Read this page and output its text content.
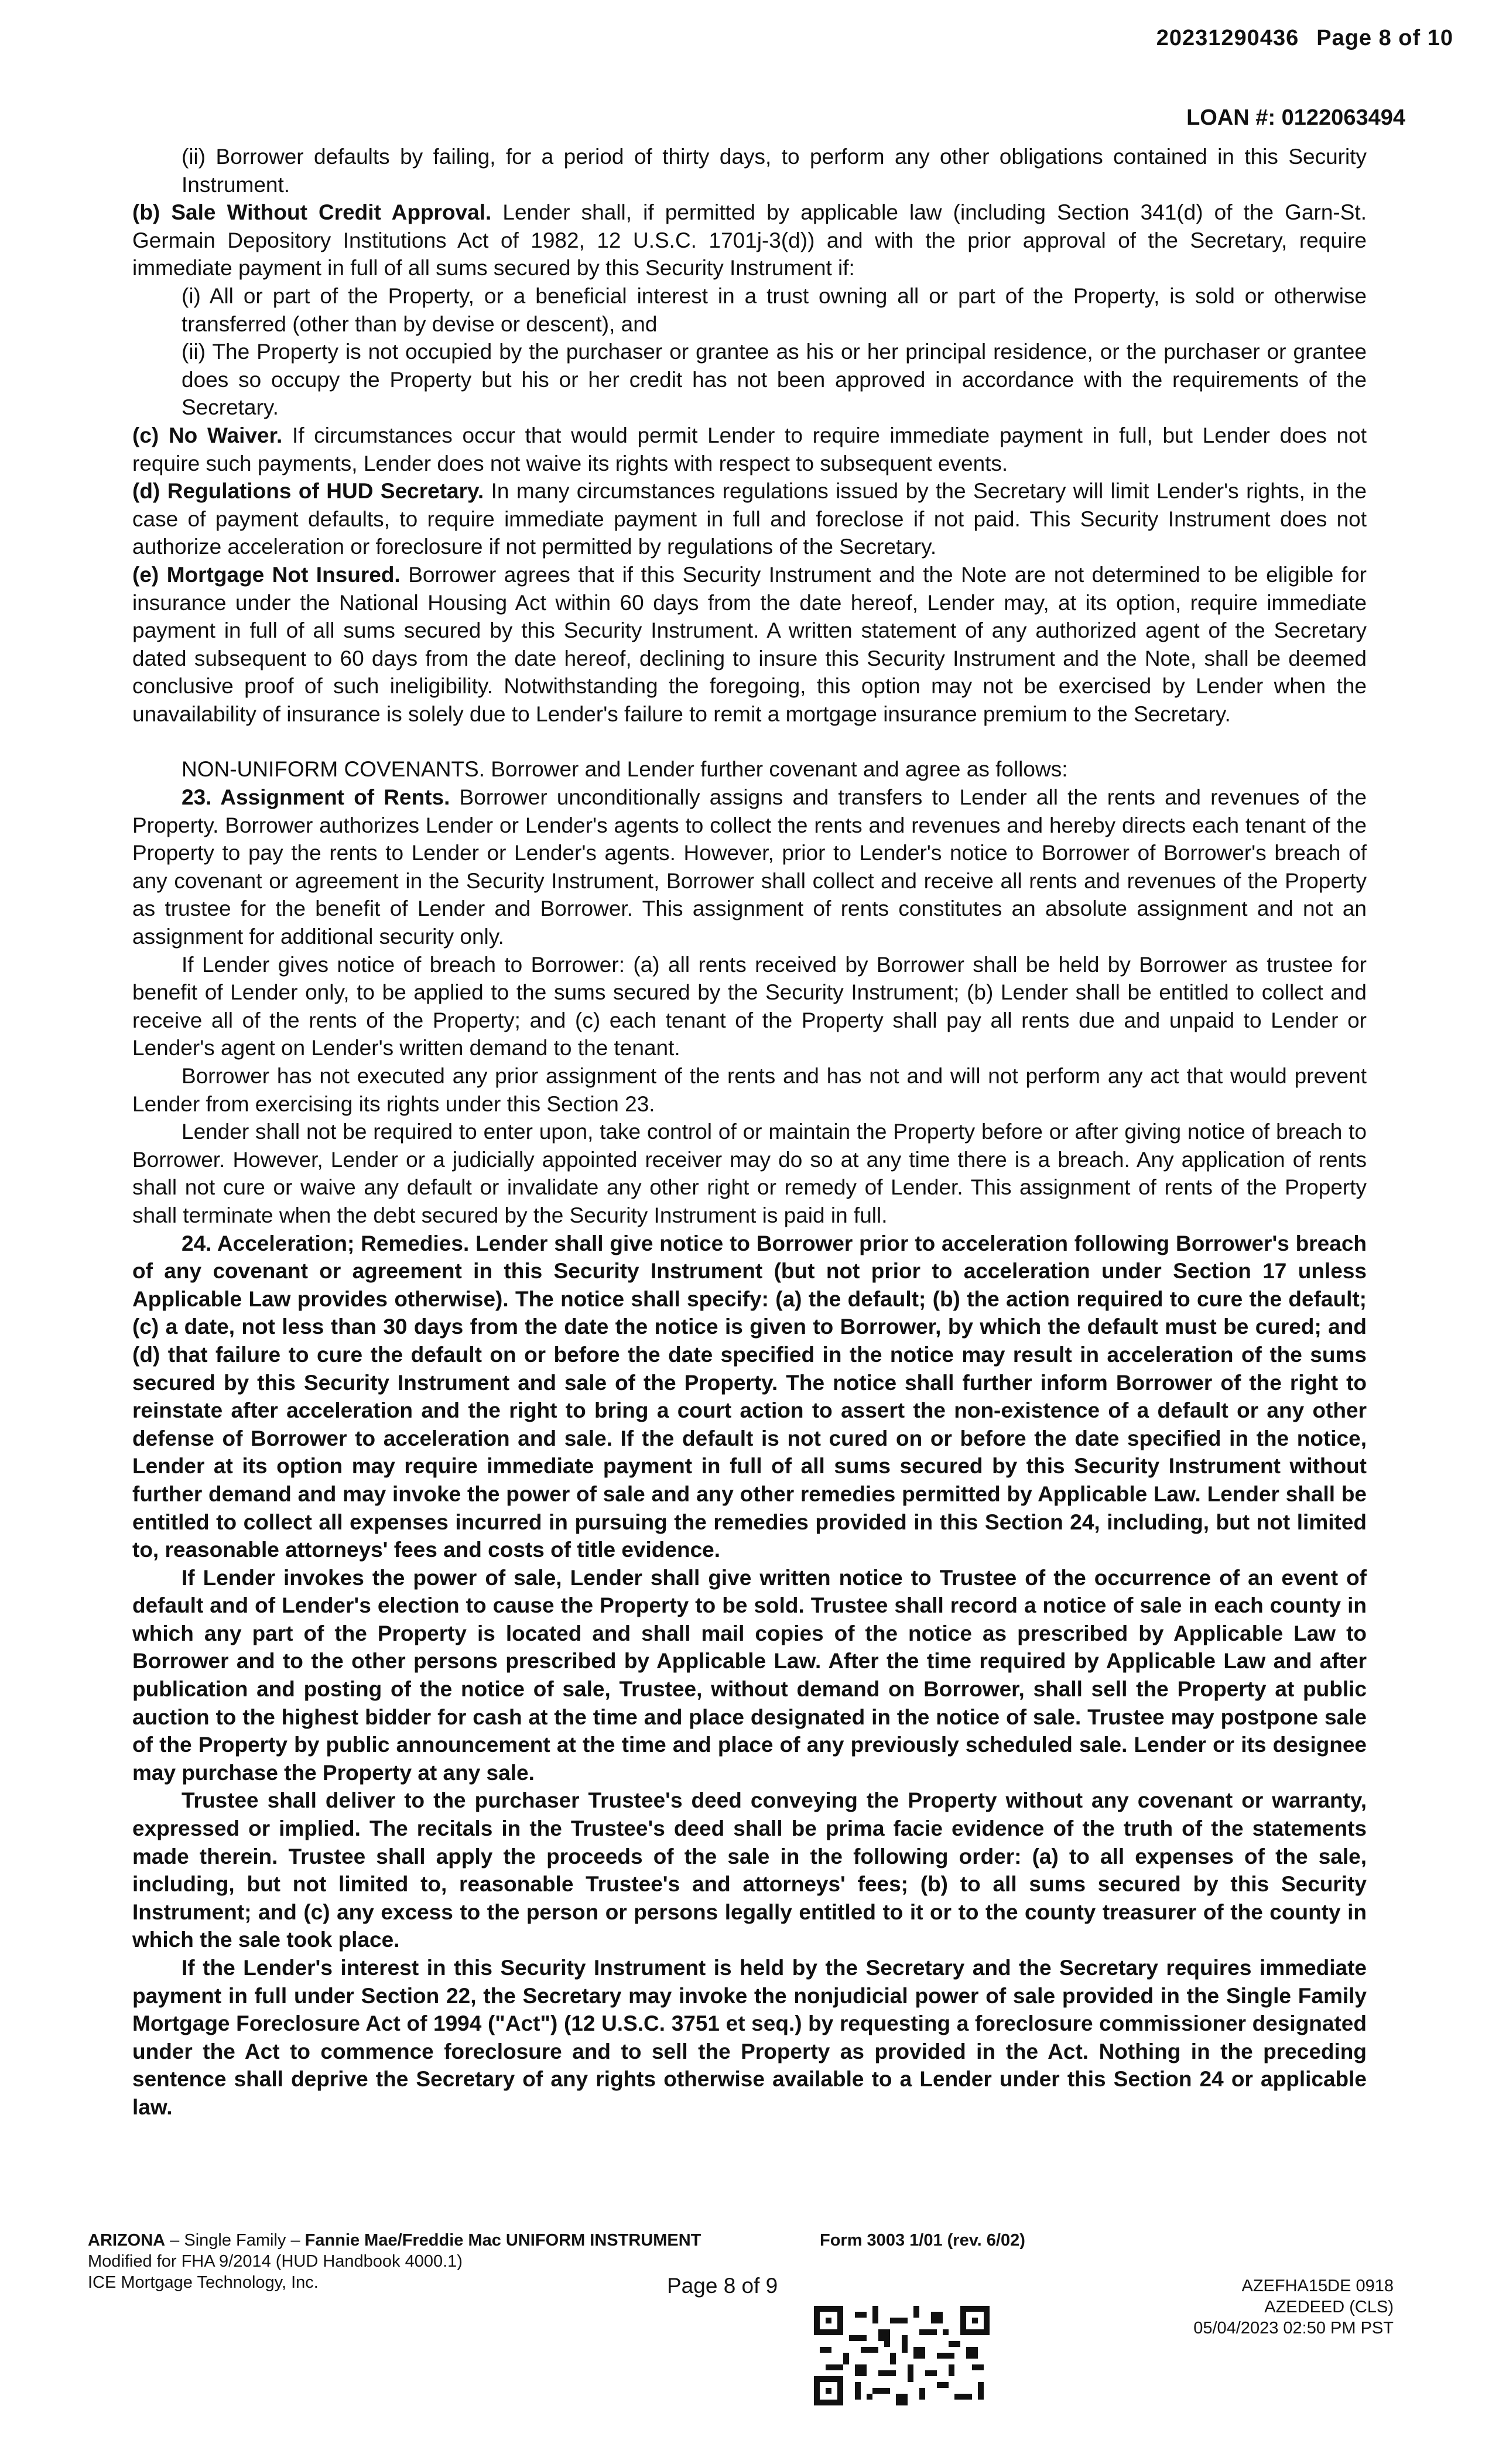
20231290436 Page 8 of 10
LOAN #: 0122063494

(ii) Borrower defaults by failing, for a period of thirty days, to perform any other obligations contained in this Security Instrument.

(b) Sale Without Credit Approval. Lender shall, if permitted by applicable law (including Section 341(d) of the Garn-St. Germain Depository Institutions Act of 1982, 12 U.S.C. 1701j-3(d)) and with the prior approval of the Secretary, require immediate payment in full of all sums secured by this Security Instrument if:

(i) All or part of the Property, or a beneficial interest in a trust owning all or part of the Property, is sold or otherwise transferred (other than by devise or descent), and

(ii) The Property is not occupied by the purchaser or grantee as his or her principal residence, or the purchaser or grantee does so occupy the Property but his or her credit has not been approved in accordance with the requirements of the Secretary.

(c) No Waiver. If circumstances occur that would permit Lender to require immediate payment in full, but Lender does not require such payments, Lender does not waive its rights with respect to subsequent events.

(d) Regulations of HUD Secretary. In many circumstances regulations issued by the Secretary will limit Lender's rights, in the case of payment defaults, to require immediate payment in full and foreclose if not paid. This Security Instrument does not authorize acceleration or foreclosure if not permitted by regulations of the Secretary.

(e) Mortgage Not Insured. Borrower agrees that if this Security Instrument and the Note are not determined to be eligible for insurance under the National Housing Act within 60 days from the date hereof, Lender may, at its option, require immediate payment in full of all sums secured by this Security Instrument. A written statement of any authorized agent of the Secretary dated subsequent to 60 days from the date hereof, declining to insure this Security Instrument and the Note, shall be deemed conclusive proof of such ineligibility. Notwithstanding the foregoing, this option may not be exercised by Lender when the unavailability of insurance is solely due to Lender's failure to remit a mortgage insurance premium to the Secretary.

NON-UNIFORM COVENANTS. Borrower and Lender further covenant and agree as follows:

23. Assignment of Rents. Borrower unconditionally assigns and transfers to Lender all the rents and revenues of the Property. Borrower authorizes Lender or Lender's agents to collect the rents and revenues and hereby directs each tenant of the Property to pay the rents to Lender or Lender's agents. However, prior to Lender's notice to Borrower of Borrower's breach of any covenant or agreement in the Security Instrument, Borrower shall collect and receive all rents and revenues of the Property as trustee for the benefit of Lender and Borrower. This assignment of rents constitutes an absolute assignment and not an assignment for additional security only.

If Lender gives notice of breach to Borrower: (a) all rents received by Borrower shall be held by Borrower as trustee for benefit of Lender only, to be applied to the sums secured by the Security Instrument; (b) Lender shall be entitled to collect and receive all of the rents of the Property; and (c) each tenant of the Property shall pay all rents due and unpaid to Lender or Lender's agent on Lender's written demand to the tenant.

Borrower has not executed any prior assignment of the rents and has not and will not perform any act that would prevent Lender from exercising its rights under this Section 23.

Lender shall not be required to enter upon, take control of or maintain the Property before or after giving notice of breach to Borrower. However, Lender or a judicially appointed receiver may do so at any time there is a breach. Any application of rents shall not cure or waive any default or invalidate any other right or remedy of Lender. This assignment of rents of the Property shall terminate when the debt secured by the Security Instrument is paid in full.

24. Acceleration; Remedies. Lender shall give notice to Borrower prior to acceleration following Borrower's breach of any covenant or agreement in this Security Instrument (but not prior to acceleration under Section 17 unless Applicable Law provides otherwise). The notice shall specify: (a) the default; (b) the action required to cure the default; (c) a date, not less than 30 days from the date the notice is given to Borrower, by which the default must be cured; and (d) that failure to cure the default on or before the date specified in the notice may result in acceleration of the sums secured by this Security Instrument and sale of the Property. The notice shall further inform Borrower of the right to reinstate after acceleration and the right to bring a court action to assert the non-existence of a default or any other defense of Borrower to acceleration and sale. If the default is not cured on or before the date specified in the notice, Lender at its option may require immediate payment in full of all sums secured by this Security Instrument without further demand and may invoke the power of sale and any other remedies permitted by Applicable Law. Lender shall be entitled to collect all expenses incurred in pursuing the remedies provided in this Section 24, including, but not limited to, reasonable attorneys' fees and costs of title evidence.

If Lender invokes the power of sale, Lender shall give written notice to Trustee of the occurrence of an event of default and of Lender's election to cause the Property to be sold. Trustee shall record a notice of sale in each county in which any part of the Property is located and shall mail copies of the notice as prescribed by Applicable Law to Borrower and to the other persons prescribed by Applicable Law. After the time required by Applicable Law and after publication and posting of the notice of sale, Trustee, without demand on Borrower, shall sell the Property at public auction to the highest bidder for cash at the time and place designated in the notice of sale. Trustee may postpone sale of the Property by public announcement at the time and place of any previously scheduled sale. Lender or its designee may purchase the Property at any sale.

Trustee shall deliver to the purchaser Trustee's deed conveying the Property without any covenant or warranty, expressed or implied. The recitals in the Trustee's deed shall be prima facie evidence of the truth of the statements made therein. Trustee shall apply the proceeds of the sale in the following order: (a) to all expenses of the sale, including, but not limited to, reasonable Trustee's and attorneys' fees; (b) to all sums secured by this Security Instrument; and (c) any excess to the person or persons legally entitled to it or to the county treasurer of the county in which the sale took place.

If the Lender's interest in this Security Instrument is held by the Secretary and the Secretary requires immediate payment in full under Section 22, the Secretary may invoke the nonjudicial power of sale provided in the Single Family Mortgage Foreclosure Act of 1994 ("Act") (12 U.S.C. 3751 et seq.) by requesting a foreclosure commissioner designated under the Act to commence foreclosure and to sell the Property as provided in the Act. Nothing in the preceding sentence shall deprive the Secretary of any rights otherwise available to a Lender under this Section 24 or applicable law.

ARIZONA – Single Family – Fannie Mae/Freddie Mac UNIFORM INSTRUMENT
Modified for FHA 9/2014 (HUD Handbook 4000.1)
ICE Mortgage Technology, Inc.
Form 3003 1/01 (rev. 6/02)
Page 8 of 9	AZEFHA15DE 0918
AZEDEED (CLS)
05/04/2023 02:50 PM PST
